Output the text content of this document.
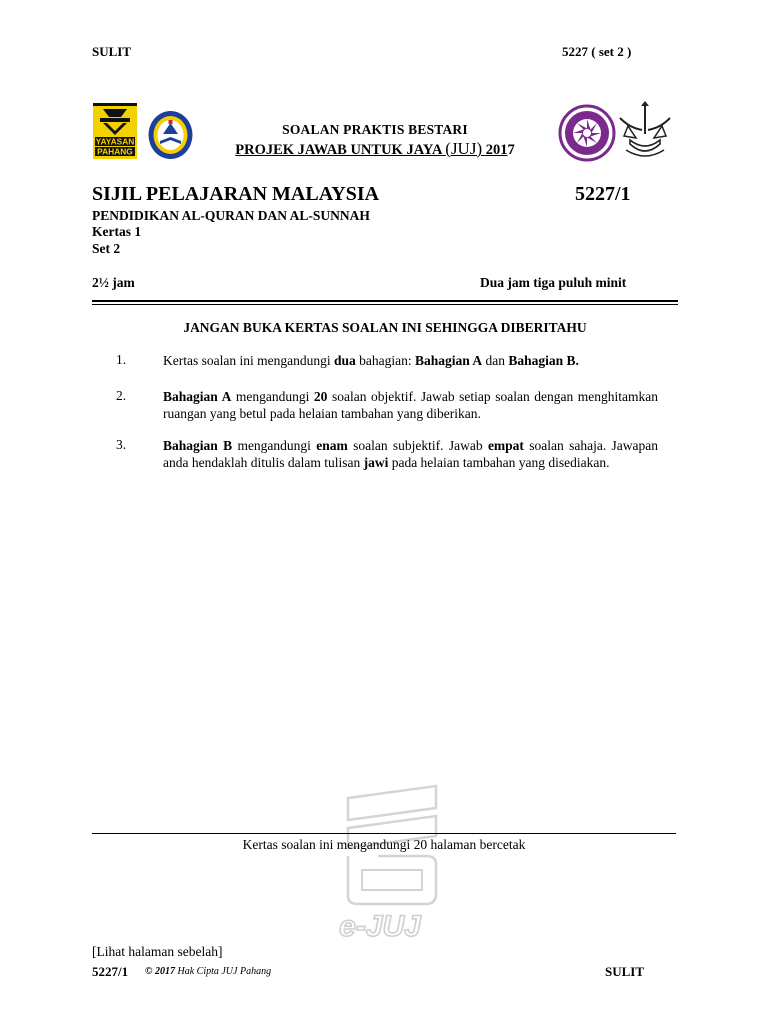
SULIT	5227 ( set 2 )
YAYASAN
PAHANG
SOALAN PRAKTIS BESTARI
PROJEK JAWAB UNTUK JAYA (JUJ) 2017
SIJIL PELAJARAN MALAYSIA	5227/1
PENDIDIKAN AL-QURAN DAN AL-SUNNAH
Kertas 1
Set 2
2½ jam	Dua jam tiga puluh minit
JANGAN BUKA KERTAS SOALAN INI SEHINGGA DIBERITAHU
1.	Kertas soalan ini mengandungi dua bahagian: Bahagian A dan Bahagian B.
2.	Bahagian A mengandungi 20 soalan objektif. Jawab setiap soalan dengan menghitamkan ruangan yang betul pada helaian tambahan yang diberikan.
3.	Bahagian B mengandungi enam soalan subjektif. Jawab empat soalan sahaja. Jawapan anda hendaklah ditulis dalam tulisan jawi pada helaian tambahan yang disediakan.
e-JUJ
Kertas soalan ini mengandungi 20 halaman bercetak
[Lihat halaman sebelah]
5227/1 © 2017 Hak Cipta JUJ Pahang	SULIT
